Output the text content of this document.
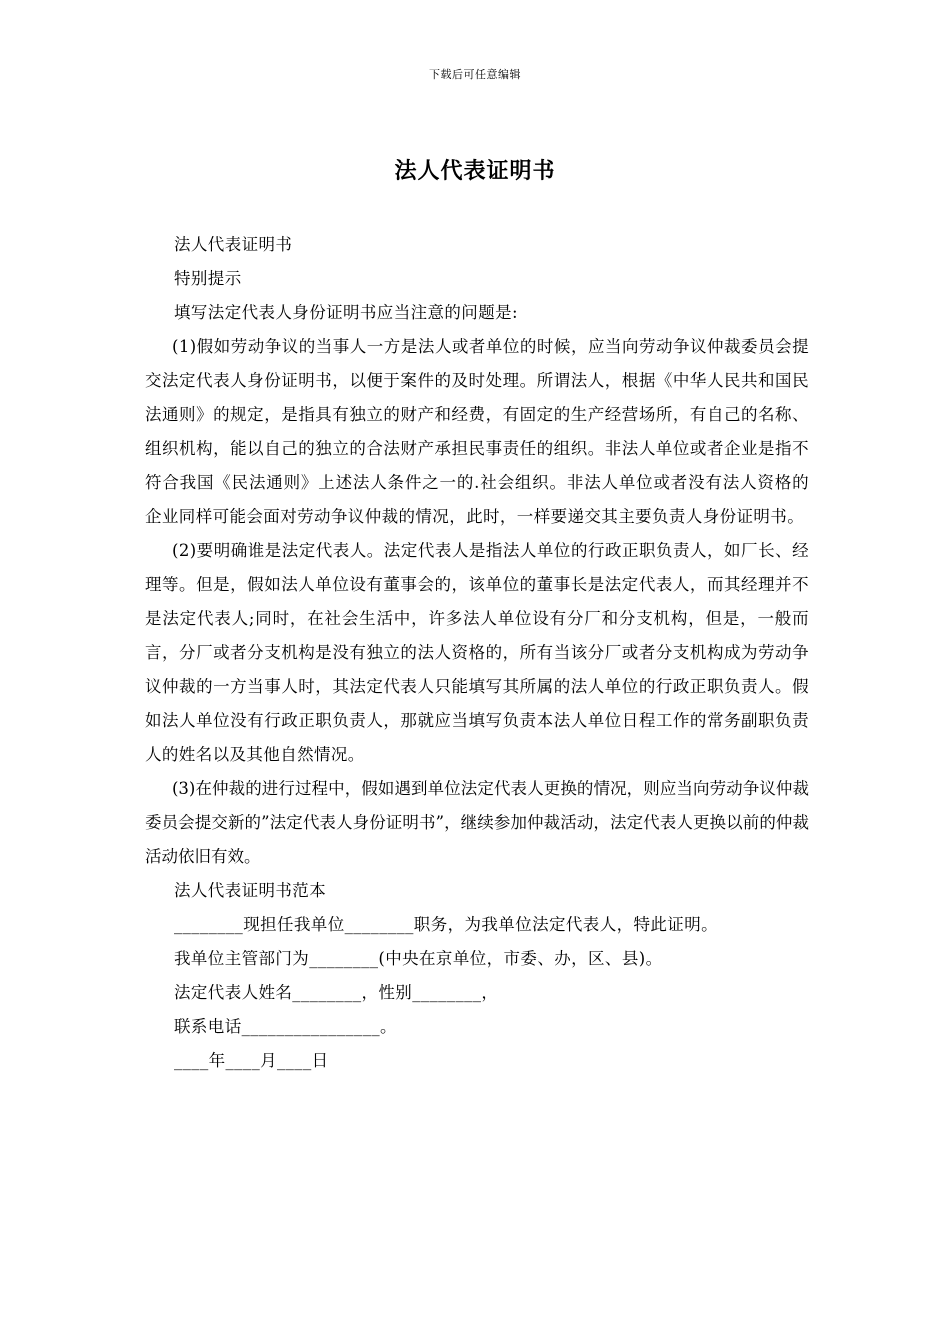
下载后可任意编辑
法人代表证明书

法人代表证明书

特别提示

填写法定代表人身份证明书应当注意的问题是:

(1)假如劳动争议的当事人一方是法人或者单位的时候，应当向劳动争议仲裁委员会提交法定代表人身份证明书，以便于案件的及时处理。所谓法人，根据《中华人民共和国民法通则》的规定，是指具有独立的财产和经费，有固定的生产经营场所，有自己的名称、组织机构，能以自己的独立的合法财产承担民事责任的组织。非法人单位或者企业是指不符合我国《民法通则》上述法人条件之一的.社会组织。非法人单位或者没有法人资格的企业同样可能会面对劳动争议仲裁的情况，此时，一样要递交其主要负责人身份证明书。

(2)要明确谁是法定代表人。法定代表人是指法人单位的行政正职负责人，如厂长、经理等。但是，假如法人单位设有董事会的，该单位的董事长是法定代表人，而其经理并不是法定代表人;同时，在社会生活中，许多法人单位设有分厂和分支机构，但是，一般而言，分厂或者分支机构是没有独立的法人资格的，所有当该分厂或者分支机构成为劳动争议仲裁的一方当事人时，其法定代表人只能填写其所属的法人单位的行政正职负责人。假如法人单位没有行政正职负责人，那就应当填写负责本法人单位日程工作的常务副职负责人的姓名以及其他自然情况。

(3)在仲裁的进行过程中，假如遇到单位法定代表人更换的情况，则应当向劳动争议仲裁委员会提交新的”法定代表人身份证明书”，继续参加仲裁活动，法定代表人更换以前的仲裁活动依旧有效。

法人代表证明书范本

________现担任我单位________职务，为我单位法定代表人，特此证明。

我单位主管部门为________(中央在京单位，市委、办，区、县)。

法定代表人姓名________，性别________，

联系电话________________。

____年____月____日
